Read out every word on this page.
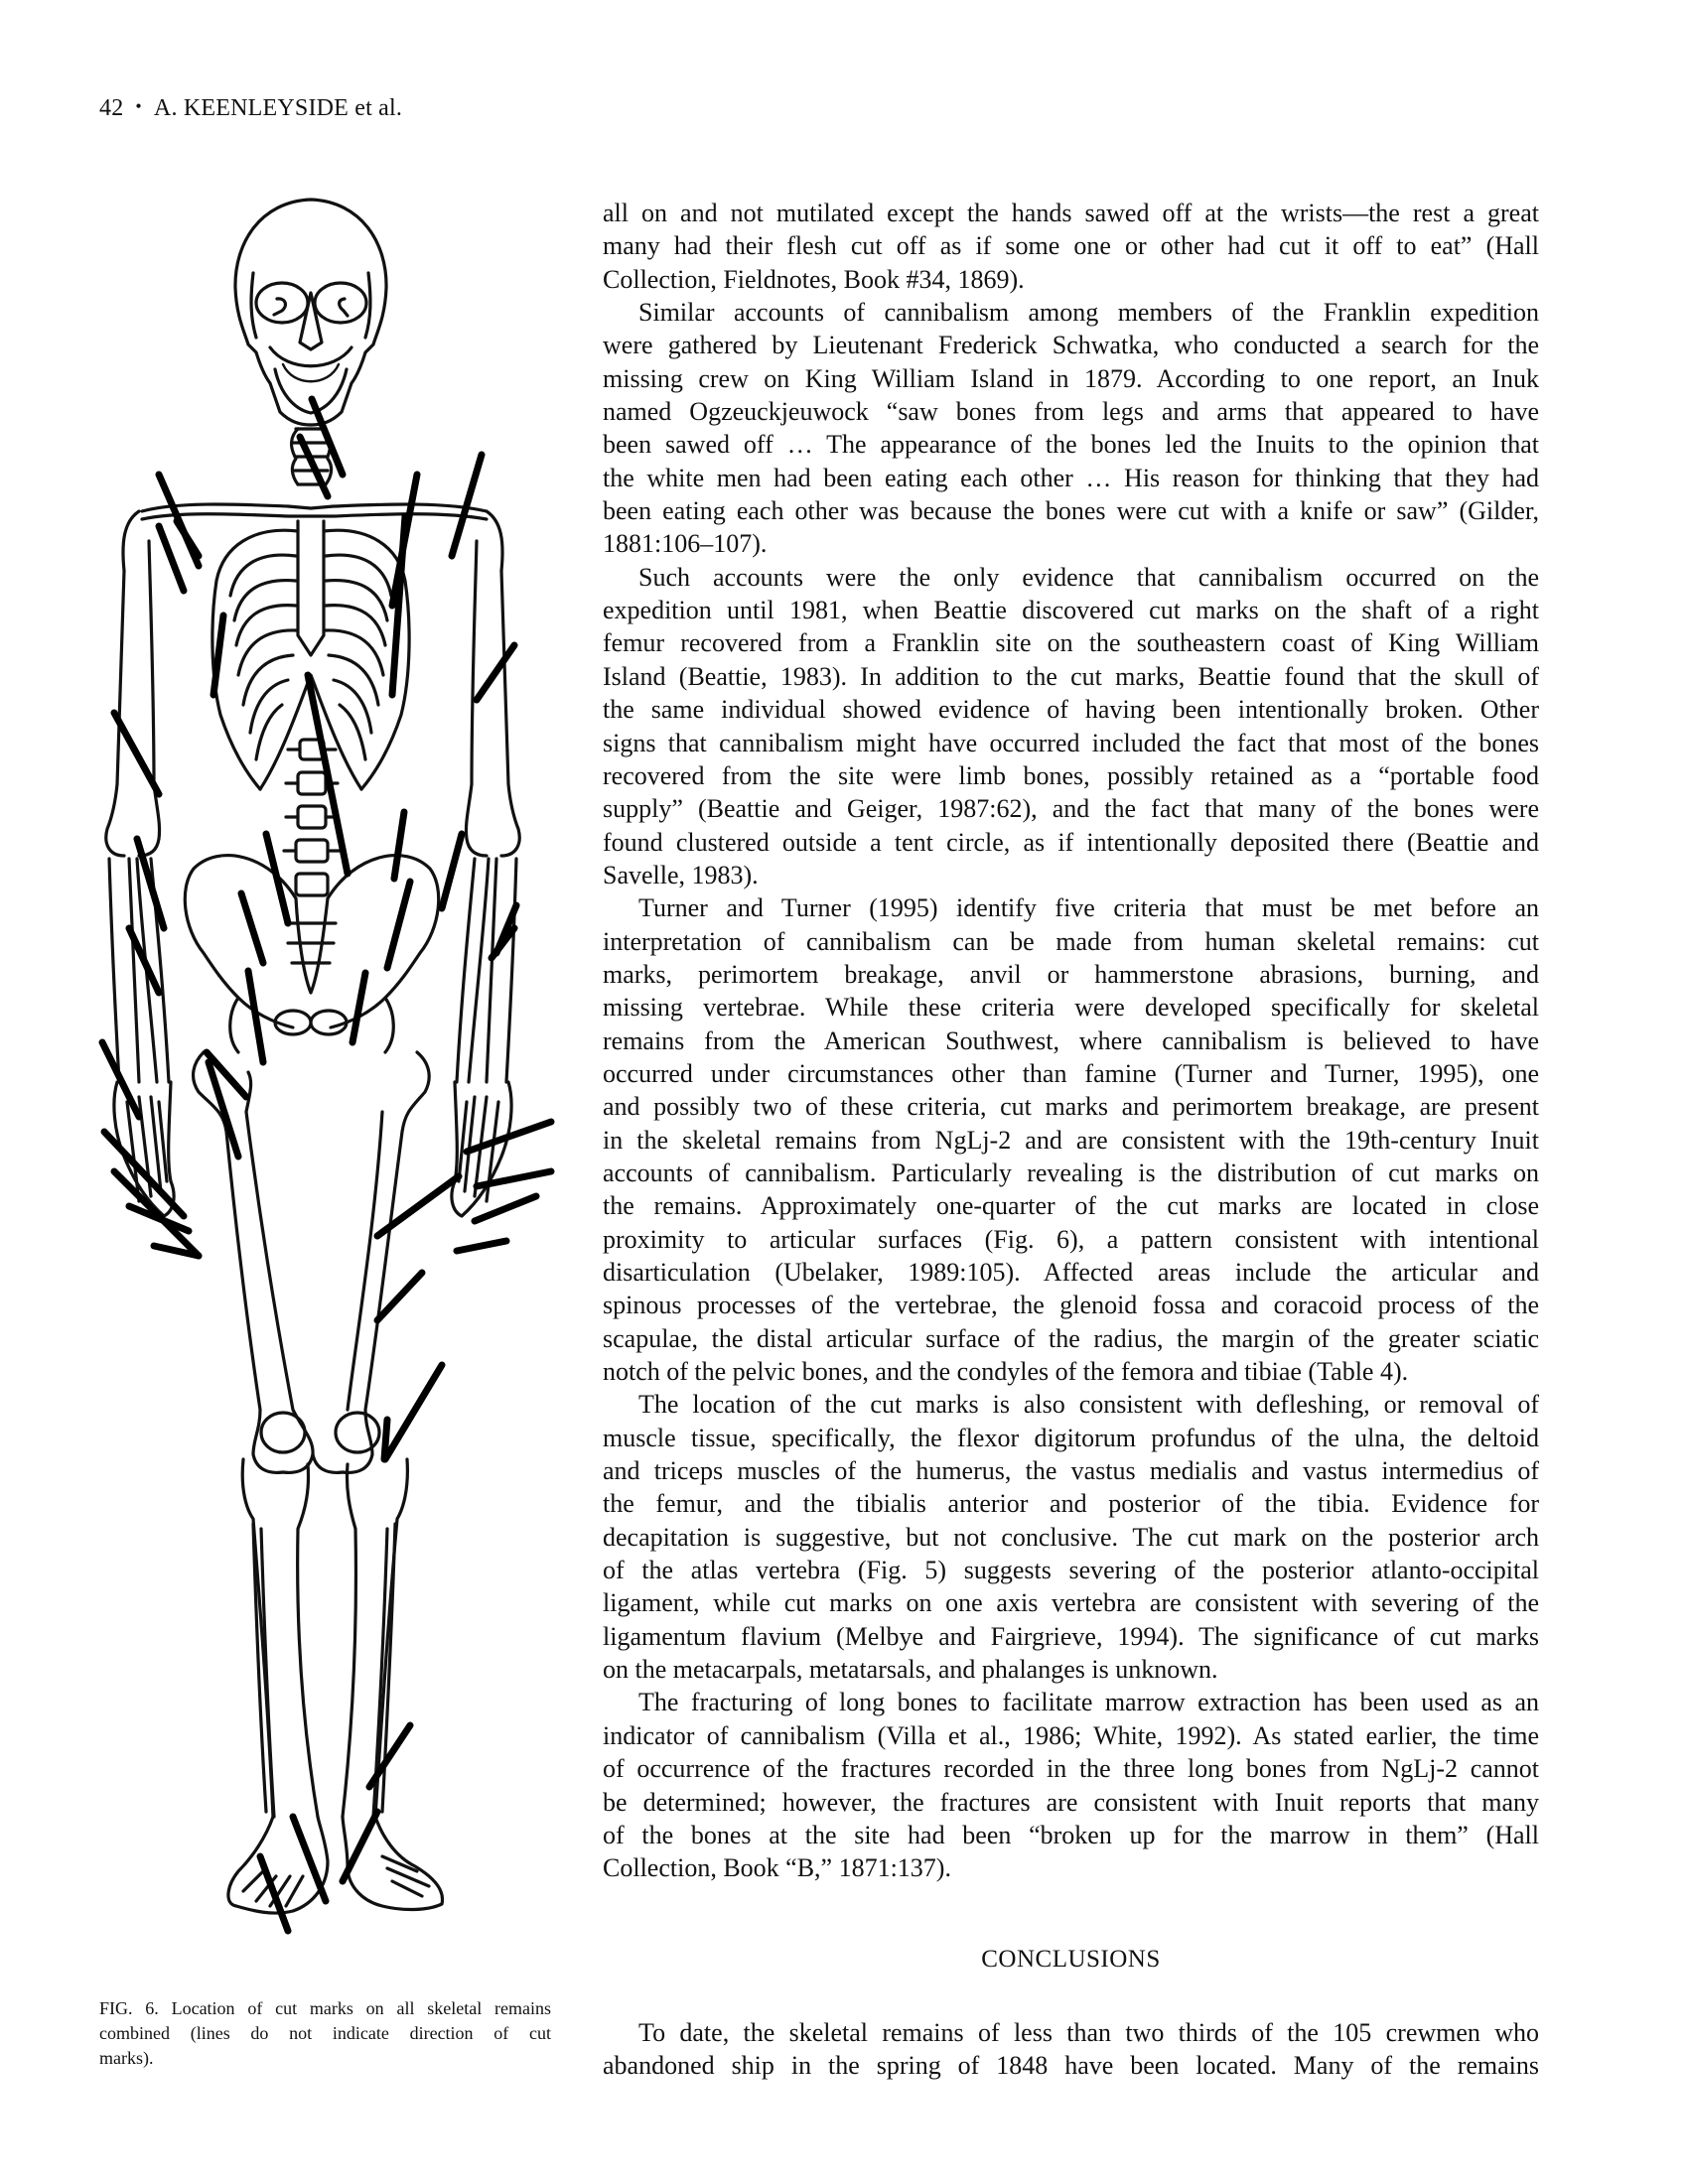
42 • A. KEENLEYSIDE et al.

all on and not mutilated except the hands sawed off at the wrists—the rest a great
many had their flesh cut off as if some one or other had cut it off to eat” (Hall
Collection, Fieldnotes, Book #34, 1869).

Similar accounts of cannibalism among members of the Franklin expedition
were gathered by Lieutenant Frederick Schwatka, who conducted a search for the
missing crew on King William Island in 1879. According to one report, an Inuk
named Ogzeuckjeuwock “saw bones from legs and arms that appeared to have
been sawed off … The appearance of the bones led the Inuits to the opinion that
the white men had been eating each other … His reason for thinking that they had
been eating each other was because the bones were cut with a knife or saw” (Gilder,
1881:106–107).

Such accounts were the only evidence that cannibalism occurred on the
expedition until 1981, when Beattie discovered cut marks on the shaft of a right
femur recovered from a Franklin site on the southeastern coast of King William
Island (Beattie, 1983). In addition to the cut marks, Beattie found that the skull of
the same individual showed evidence of having been intentionally broken. Other
signs that cannibalism might have occurred included the fact that most of the bones
recovered from the site were limb bones, possibly retained as a “portable food
supply” (Beattie and Geiger, 1987:62), and the fact that many of the bones were
found clustered outside a tent circle, as if intentionally deposited there (Beattie and
Savelle, 1983).

Turner and Turner (1995) identify five criteria that must be met before an
interpretation of cannibalism can be made from human skeletal remains: cut
marks, perimortem breakage, anvil or hammerstone abrasions, burning, and
missing vertebrae. While these criteria were developed specifically for skeletal
remains from the American Southwest, where cannibalism is believed to have
occurred under circumstances other than famine (Turner and Turner, 1995), one
and possibly two of these criteria, cut marks and perimortem breakage, are present
in the skeletal remains from NgLj-2 and are consistent with the 19th-century Inuit
accounts of cannibalism. Particularly revealing is the distribution of cut marks on
the remains. Approximately one-quarter of the cut marks are located in close
proximity to articular surfaces (Fig. 6), a pattern consistent with intentional
disarticulation (Ubelaker, 1989:105). Affected areas include the articular and
spinous processes of the vertebrae, the glenoid fossa and coracoid process of the
scapulae, the distal articular surface of the radius, the margin of the greater sciatic
notch of the pelvic bones, and the condyles of the femora and tibiae (Table 4).

The location of the cut marks is also consistent with defleshing, or removal of
muscle tissue, specifically, the flexor digitorum profundus of the ulna, the deltoid
and triceps muscles of the humerus, the vastus medialis and vastus intermedius of
the femur, and the tibialis anterior and posterior of the tibia. Evidence for
decapitation is suggestive, but not conclusive. The cut mark on the posterior arch
of the atlas vertebra (Fig. 5) suggests severing of the posterior atlanto-occipital
ligament, while cut marks on one axis vertebra are consistent with severing of the
ligamentum flavium (Melbye and Fairgrieve, 1994). The significance of cut marks
on the metacarpals, metatarsals, and phalanges is unknown.

The fracturing of long bones to facilitate marrow extraction has been used as an
indicator of cannibalism (Villa et al., 1986; White, 1992). As stated earlier, the time
of occurrence of the fractures recorded in the three long bones from NgLj-2 cannot
be determined; however, the fractures are consistent with Inuit reports that many
of the bones at the site had been “broken up for the marrow in them” (Hall
Collection, Book “B,” 1871:137).

CONCLUSIONS
To date, the skeletal remains of less than two thirds of the 105 crewmen who
abandoned ship in the spring of 1848 have been located. Many of the remains
FIG. 6. Location of cut marks on all skeletal remains
combined (lines do not indicate direction of cut
marks).
